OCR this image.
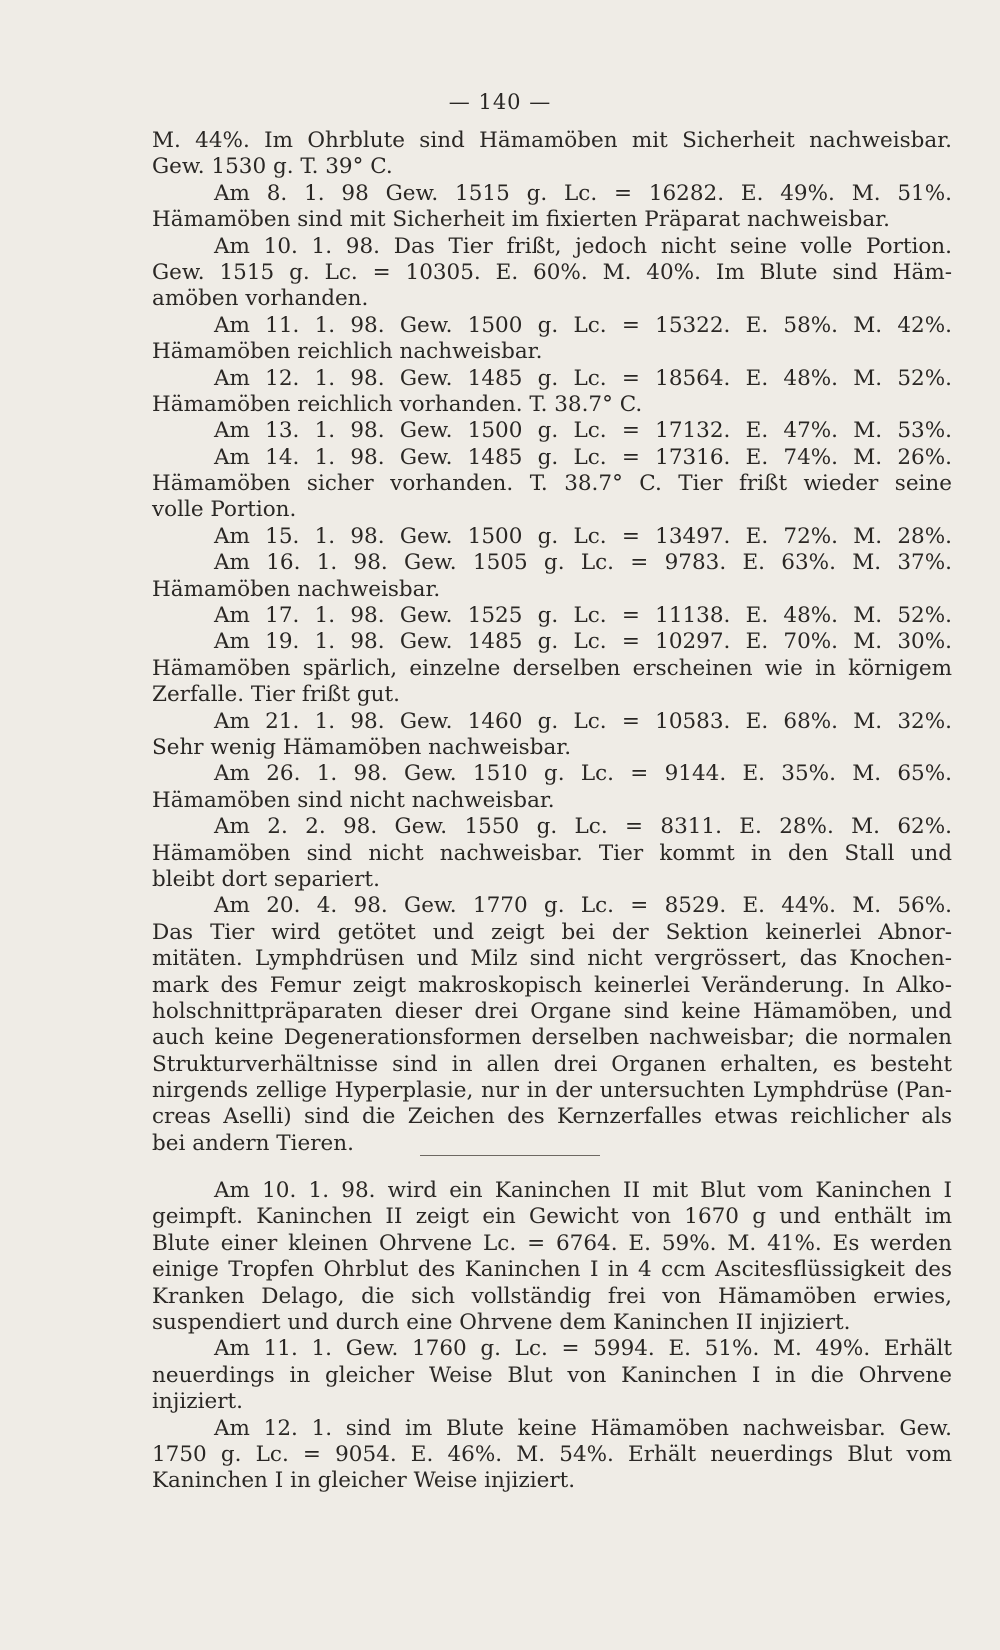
— 140 —
M. 44%. Im Ohrblute sind Hämamöben mit Sicherheit nachweisbar.
Gew. 1530 g. T. 39° C.
Am 8. 1. 98 Gew. 1515 g. Lc. = 16282. E. 49%. M. 51%.
Hämamöben sind mit Sicherheit im fixierten Präparat nachweisbar.
Am 10. 1. 98. Das Tier frißt, jedoch nicht seine volle Portion.
Gew. 1515 g. Lc. = 10305. E. 60%. M. 40%. Im Blute sind Häm-
amöben vorhanden.
Am 11. 1. 98. Gew. 1500 g. Lc. = 15322. E. 58%. M. 42%.
Hämamöben reichlich nachweisbar.
Am 12. 1. 98. Gew. 1485 g. Lc. = 18564. E. 48%. M. 52%.
Hämamöben reichlich vorhanden. T. 38.7° C.
Am 13. 1. 98. Gew. 1500 g. Lc. = 17132. E. 47%. M. 53%.
Am 14. 1. 98. Gew. 1485 g. Lc. = 17316. E. 74%. M. 26%.
Hämamöben sicher vorhanden. T. 38.7° C. Tier frißt wieder seine
volle Portion.
Am 15. 1. 98. Gew. 1500 g. Lc. = 13497. E. 72%. M. 28%.
Am 16. 1. 98. Gew. 1505 g. Lc. = 9783. E. 63%. M. 37%.
Hämamöben nachweisbar.
Am 17. 1. 98. Gew. 1525 g. Lc. = 11138. E. 48%. M. 52%.
Am 19. 1. 98. Gew. 1485 g. Lc. = 10297. E. 70%. M. 30%.
Hämamöben spärlich, einzelne derselben erscheinen wie in körnigem
Zerfalle. Tier frißt gut.
Am 21. 1. 98. Gew. 1460 g. Lc. = 10583. E. 68%. M. 32%.
Sehr wenig Hämamöben nachweisbar.
Am 26. 1. 98. Gew. 1510 g. Lc. = 9144. E. 35%. M. 65%.
Hämamöben sind nicht nachweisbar.
Am 2. 2. 98. Gew. 1550 g. Lc. = 8311. E. 28%. M. 62%.
Hämamöben sind nicht nachweisbar. Tier kommt in den Stall und
bleibt dort separiert.
Am 20. 4. 98. Gew. 1770 g. Lc. = 8529. E. 44%. M. 56%.
Das Tier wird getötet und zeigt bei der Sektion keinerlei Abnor-
mitäten. Lymphdrüsen und Milz sind nicht vergrössert, das Knochen-
mark des Femur zeigt makroskopisch keinerlei Veränderung. In Alko-
holschnittpräparaten dieser drei Organe sind keine Hämamöben, und
auch keine Degenerationsformen derselben nachweisbar; die normalen
Strukturverhältnisse sind in allen drei Organen erhalten, es besteht
nirgends zellige Hyperplasie, nur in der untersuchten Lymphdrüse (Pan-
creas Aselli) sind die Zeichen des Kernzerfalles etwas reichlicher als
bei andern Tieren.
Am 10. 1. 98. wird ein Kaninchen II mit Blut vom Kaninchen I
geimpft. Kaninchen II zeigt ein Gewicht von 1670 g und enthält im
Blute einer kleinen Ohrvene Lc. = 6764. E. 59%. M. 41%. Es werden
einige Tropfen Ohrblut des Kaninchen I in 4 ccm Ascitesflüssigkeit des
Kranken Delago, die sich vollständig frei von Hämamöben erwies,
suspendiert und durch eine Ohrvene dem Kaninchen II injiziert.
Am 11. 1. Gew. 1760 g. Lc. = 5994. E. 51%. M. 49%. Erhält
neuerdings in gleicher Weise Blut von Kaninchen I in die Ohrvene
injiziert.
Am 12. 1. sind im Blute keine Hämamöben nachweisbar. Gew.
1750 g. Lc. = 9054. E. 46%. M. 54%. Erhält neuerdings Blut vom
Kaninchen I in gleicher Weise injiziert.
